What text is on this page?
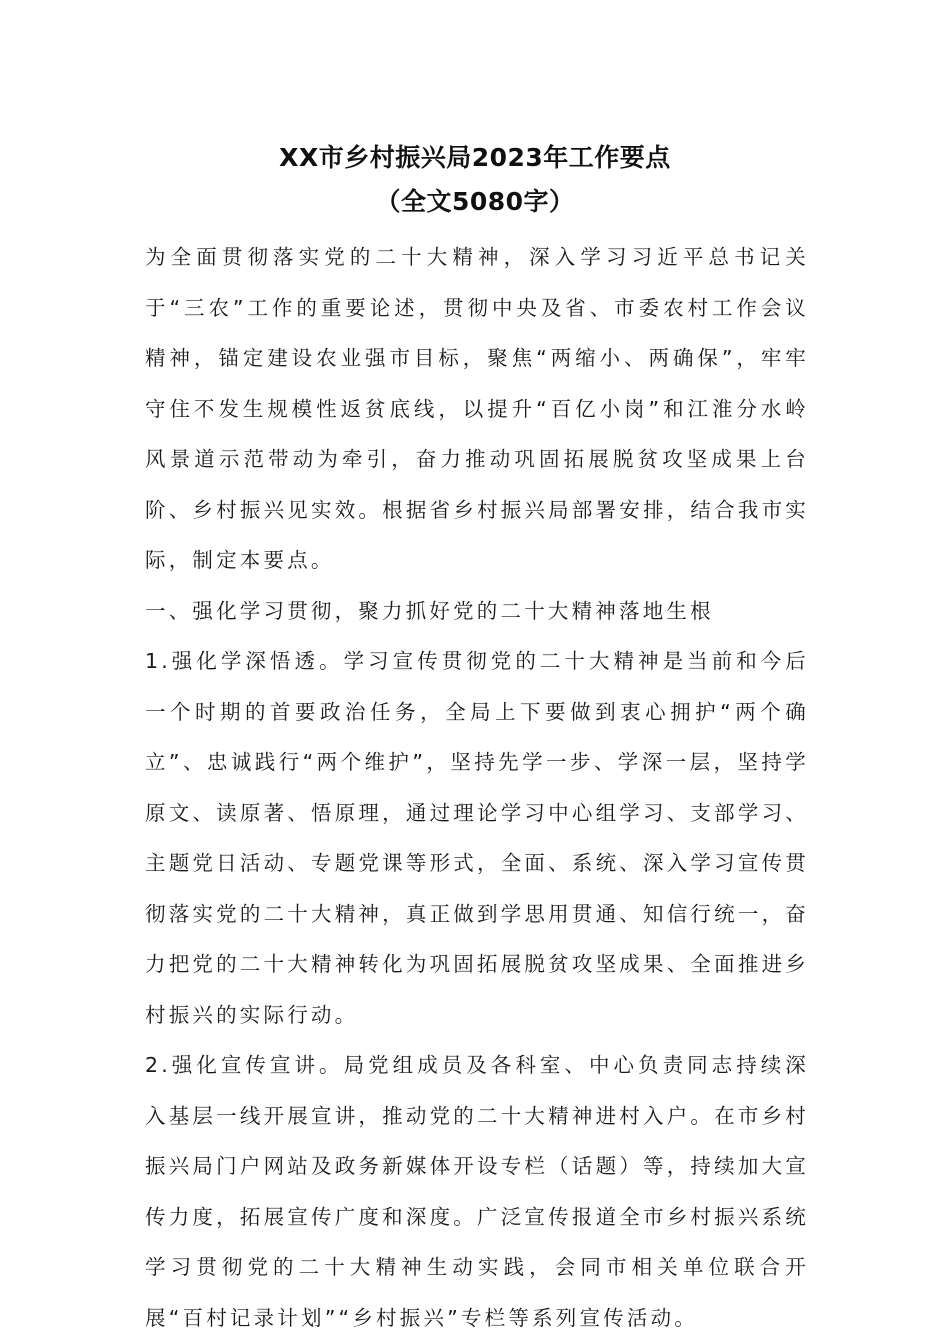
XX市乡村振兴局2023年工作要点
（全文5080字）

为全面贯彻落实党的二十大精神，深入学习习近平总书记关于“三农”工作的重要论述，贯彻中央及省、市委农村工作会议精神，锚定建设农业强市目标，聚焦“两缩小、两确保”，牢牢守住不发生规模性返贫底线，以提升“百亿小岗”和江淮分水岭风景道示范带动为牵引，奋力推动巩固拓展脱贫攻坚成果上台阶、乡村振兴见实效。根据省乡村振兴局部署安排，结合我市实际，制定本要点。

一、强化学习贯彻，聚力抓好党的二十大精神落地生根

1.强化学深悟透。学习宣传贯彻党的二十大精神是当前和今后一个时期的首要政治任务，全局上下要做到衷心拥护“两个确立”、忠诚践行“两个维护”，坚持先学一步、学深一层，坚持学原文、读原著、悟原理，通过理论学习中心组学习、支部学习、主题党日活动、专题党课等形式，全面、系统、深入学习宣传贯彻落实党的二十大精神，真正做到学思用贯通、知信行统一，奋力把党的二十大精神转化为巩固拓展脱贫攻坚成果、全面推进乡村振兴的实际行动。

2.强化宣传宣讲。局党组成员及各科室、中心负责同志持续深入基层一线开展宣讲，推动党的二十大精神进村入户。在市乡村振兴局门户网站及政务新媒体开设专栏（话题）等，持续加大宣传力度，拓展宣传广度和深度。广泛宣传报道全市乡村振兴系统学习贯彻党的二十大精神生动实践，会同市相关单位联合开展“百村记录计划”“乡村振兴”专栏等系列宣传活动。
